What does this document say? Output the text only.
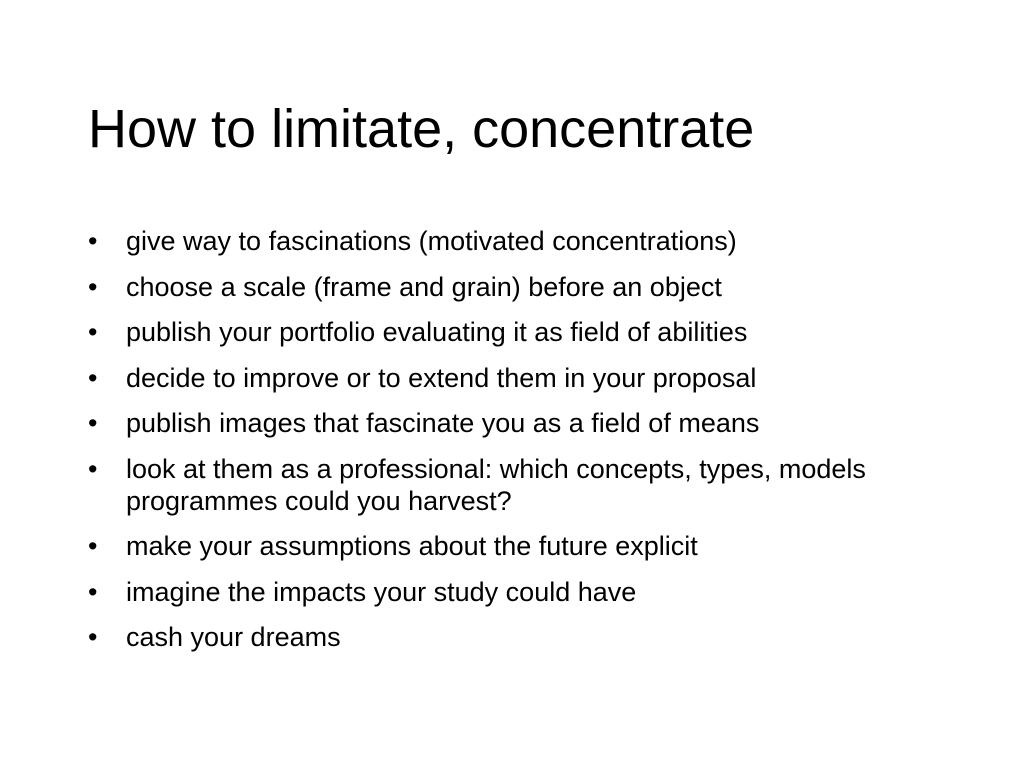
How to limitate, concentrate
•	give way to fascinations (motivated concentrations)
•	choose a scale (frame and grain) before an object
•	publish your portfolio evaluating it as field of abilities
•	decide to improve or to extend them in your proposal
•	publish images that fascinate you as a field of means
•	look at them as a professional: which concepts, types, models programmes could you harvest?
•	make your assumptions about the future explicit
•	imagine the impacts your study could have
•	cash your dreams
